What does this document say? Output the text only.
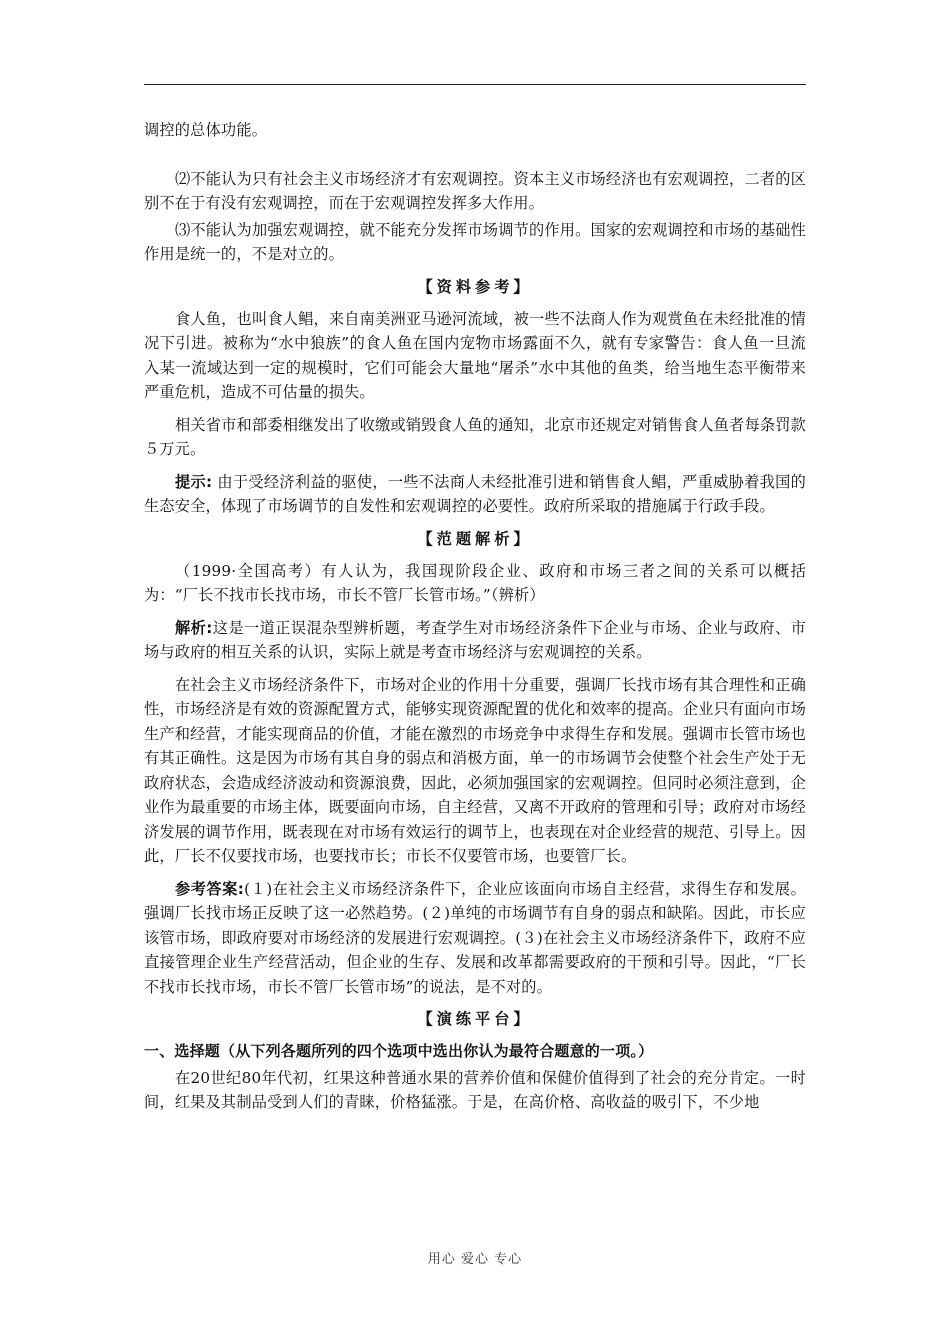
调控的总体功能。

⑵不能认为只有社会主义市场经济才有宏观调控。资本主义市场经济也有宏观调控，二者的区别不在于有没有宏观调控，而在于宏观调控发挥多大作用。

⑶不能认为加强宏观调控，就不能充分发挥市场调节的作用。国家的宏观调控和市场的基础性作用是统一的，不是对立的。

【资料参考】

食人鱼，也叫食人鲳，来自南美洲亚马逊河流域，被一些不法商人作为观赏鱼在未经批准的情况下引进。被称为“水中狼族”的食人鱼在国内宠物市场露面不久，就有专家警告：食人鱼一旦流入某一流域达到一定的规模时，它们可能会大量地“屠杀”水中其他的鱼类，给当地生态平衡带来严重危机，造成不可估量的损失。

相关省市和部委相继发出了收缴或销毁食人鱼的通知，北京市还规定对销售食人鱼者每条罚款５万元。

提示: 由于受经济利益的驱使，一些不法商人未经批准引进和销售食人鲳，严重威胁着我国的生态安全，体现了市场调节的自发性和宏观调控的必要性。政府所采取的措施属于行政手段。

【范题解析】

（1999·全国高考）有人认为，我国现阶段企业、政府和市场三者之间的关系可以概括为：“厂长不找市长找市场，市长不管厂长管市场。”（辨析）

解析:这是一道正误混杂型辨析题，考查学生对市场经济条件下企业与市场、企业与政府、市场与政府的相互关系的认识，实际上就是考查市场经济与宏观调控的关系。

在社会主义市场经济条件下，市场对企业的作用十分重要，强调厂长找市场有其合理性和正确性，市场经济是有效的资源配置方式，能够实现资源配置的优化和效率的提高。企业只有面向市场生产和经营，才能实现商品的价值，才能在激烈的市场竞争中求得生存和发展。强调市长管市场也有其正确性。这是因为市场有其自身的弱点和消极方面，单一的市场调节会使整个社会生产处于无政府状态，会造成经济波动和资源浪费，因此，必须加强国家的宏观调控。但同时必须注意到，企业作为最重要的市场主体，既要面向市场，自主经营，又离不开政府的管理和引导；政府对市场经济发展的调节作用，既表现在对市场有效运行的调节上，也表现在对企业经营的规范、引导上。因此，厂长不仅要找市场，也要找市长；市长不仅要管市场，也要管厂长。

参考答案:(１)在社会主义市场经济条件下，企业应该面向市场自主经营，求得生存和发展。强调厂长找市场正反映了这一必然趋势。(２)单纯的市场调节有自身的弱点和缺陷。因此，市长应该管市场，即政府要对市场经济的发展进行宏观调控。(３)在社会主义市场经济条件下，政府不应直接管理企业生产经营活动，但企业的生存、发展和改革都需要政府的干预和引导。因此，“厂长不找市长找市场，市长不管厂长管市场”的说法，是不对的。

【演练平台】

一、选择题（从下列各题所列的四个选项中选出你认为最符合题意的一项。）

在20世纪80年代初，红果这种普通水果的营养价值和保健价值得到了社会的充分肯定。一时间，红果及其制品受到人们的青睐，价格猛涨。于是，在高价格、高收益的吸引下，不少地

用心 爱心 专心
